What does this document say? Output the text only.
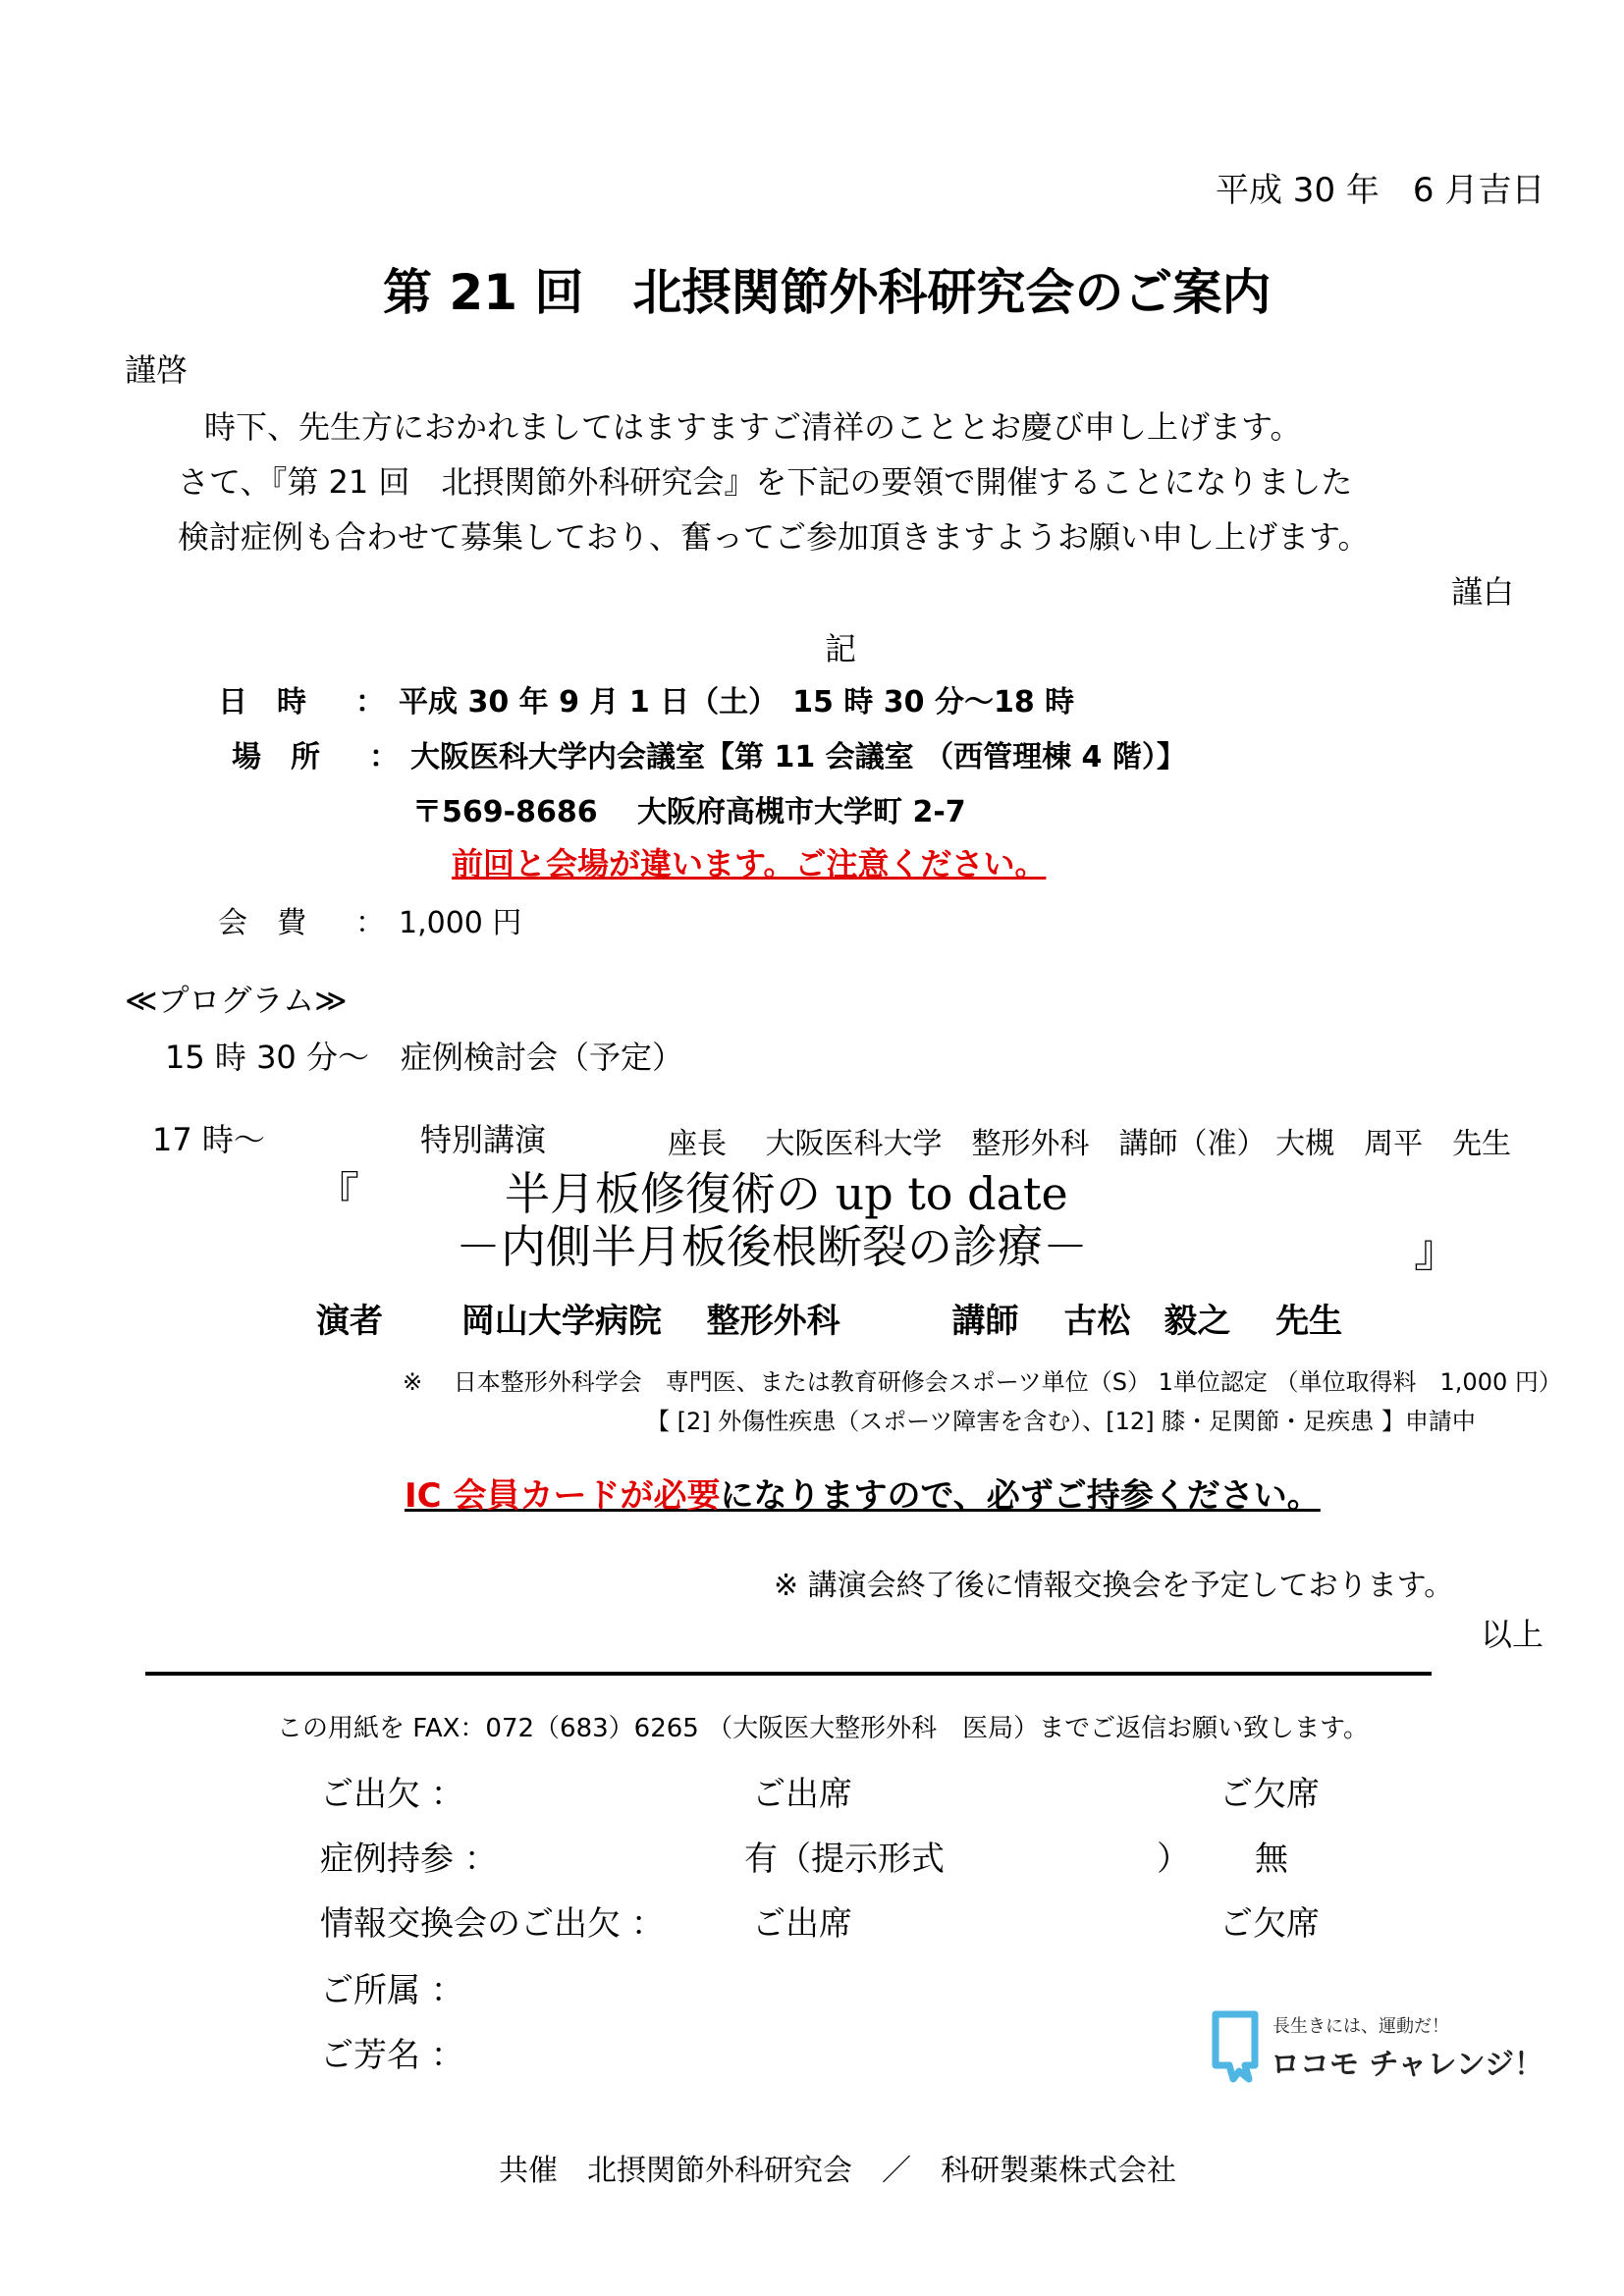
平成 30 年　6 月吉日
第 21 回　北摂関節外科研究会のご案内
謹啓
時下、先生方におかれましてはますますご清祥のこととお慶び申し上げます。
さて、『第 21 回　北摂関節外科研究会』を下記の要領で開催することになりました
検討症例も合わせて募集しており、奮ってご参加頂きますようお願い申し上げます。
謹白
記
日　時 ： 平成 30 年 9 月 1 日（土）　15 時 30 分〜18 時
場　所 ： 大阪医科大学内会議室【第 11 会議室 （西管理棟 4 階）】
〒569-8686　 大阪府高槻市大学町 2-7
前回と会場が違います。ご注意ください。
会　費 ： 1,000 円
≪プログラム≫
15 時 30 分〜　症例検討会（予定）
17 時〜	特別講演	座長　 大阪医科大学　整形外科　講師（准） 大槻　周平　先生
『	半月板修復術の up to date
－内側半月板後根断裂の診療－	』
演者　　 岡山大学病院　 整形外科　　　 講師　 古松　毅之　 先生
※　 日本整形外科学会　専門医、または教育研修会スポーツ単位（S） 1単位認定 （単位取得料　1,000 円）
【 [2] 外傷性疾患（スポーツ障害を含む）、[12] 膝・足関節・足疾患 】申請中
IC 会員カードが必要になりますので、必ずご持参ください。
※ 講演会終了後に情報交換会を予定しております。
以上
この用紙を FAX：072（683）6265 （大阪医大整形外科　医局）までご返信お願い致します。
ご出欠 ：	ご出席	ご欠席
症例持参 ：	有（提示形式	） 無
情報交換会のご出欠 ：	ご出席	ご欠席
ご所属 ：
ご芳名 ：
長生きには、運動だ！
ロコモ チャレンジ！
共催　北摂関節外科研究会　／　科研製薬株式会社
